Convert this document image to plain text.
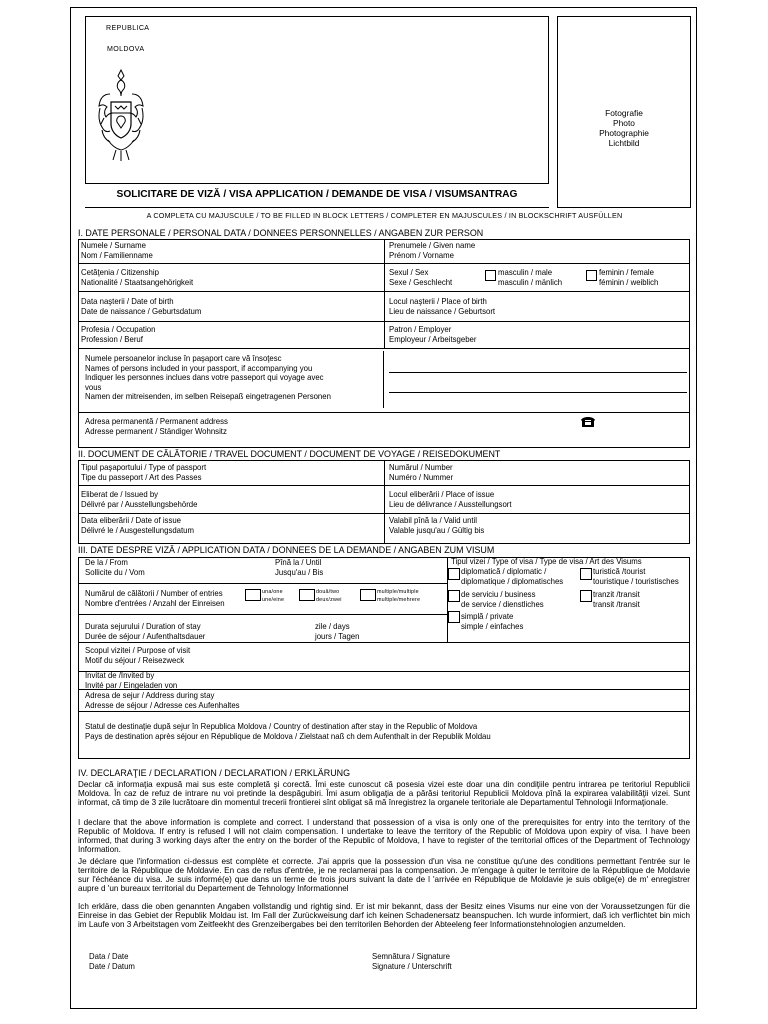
REPUBLICA
MOLDOVA
Fotografie
Photo
Photographie
Lichtbild
SOLICITARE DE VIZĂ / VISA APPLICATION / DEMANDE DE VISA / VISUMSANTRAG
A COMPLETA CU MAJUSCULE / TO BE FILLED IN BLOCK LETTERS / COMPLETER EN MAJUSCULES / IN BLOCKSCHRIFT AUSFÜLLEN
I. DATE PERSONALE / PERSONAL DATA / DONNEES PERSONNELLES / ANGABEN ZUR PERSON
Numele / Surname
Nom / Familienname
Prenumele / Given name
Prénom / Vorname
Cetăţenia / Citizenship
Nationalité / Staatsangehörigkeit
Sexul / Sex
Sexe / Geschlecht
masculin / male
masculin / mänlich
feminin / female
féminin / weiblich
Data naşterii / Date of birth
Date de naissance / Geburtsdatum
Locul naşterii / Place of birth
Lieu de naissance / Geburtsort
Profesia / Occupation
Profession / Beruf
Patron / Employer
Employeur / Arbeitsgeber
Numele persoanelor incluse în paşaport care vă însoţesc
Names of persons included in your passport, if accompanying you
Indiquer les personnes inclues dans votre passeport qui voyage avec
vous
Namen der mitreisenden, im selben Reisepaß eingetragenen Personen
Adresa permanentă / Permanent address
Adresse permanent / Ständiger Wohnsitz
II. DOCUMENT DE CĂLĂTORIE / TRAVEL DOCUMENT / DOCUMENT DE VOYAGE / REISEDOKUMENT
Tipul paşaportului / Type of passport
Tipe du passeport / Art des Passes
Numărul / Number
Numéro / Nummer
Eliberat de / Issued by
Délivré par / Ausstellungsbehörde
Locul eliberării / Place of issue
Lieu de délivrance / Ausstellungsort
Data eliberării / Date of issue
Délivré le / Ausgestellungsdatum
Valabil pînă la / Valid until
Valable jusqu'au / Gültig bis
III. DATE DESPRE VIZĂ / APPLICATION DATA / DONNEES DE LA DEMANDE / ANGABEN ZUM VISUM
De la / From
Sollicite du / Vom
Pînă la / Until
Jusqu'au / Bis
Numărul de călătorii / Number of entries
Nombre d'entrées / Anzahl der Einreisen
una/one
une/eine
două/two
deux/zwei
multiple/multiple
multiple/mehrere
Durata sejurului / Duration of stay
Durée de séjour / Aufenthaltsdauer
zile / days
jours / Tagen
Tipul vizei / Type of visa / Type de visa / Art des Visums
diplomatică / diplomatic /
diplomatique / diplomatisches
turistică /tourist
touristique / touristisches
de serviciu / business
de service / dienstliches
tranzit /transit
transit /transit
simplă / private
simple / einfaches
Scopul vizitei / Purpose of visit
Motif du séjour / Reisezweck
Invitat de /Invited by
Invité par / Eingeladen von
Adresa de sejur / Address during stay
Adresse de séjour / Adresse ces Aufenhaltes
Statul de destinaţie după sejur în Republica Moldova / Country of destination after stay in the Republic of Moldova
Pays de destination après séjour en République de Moldova / Zielstaat naß ch dem Aufenthalt in der Republik Moldau
IV. DECLARAŢIE / DECLARATION / DECLARATION / ERKLÄRUNG
Declar că informaţia expusă mai sus este completă şi corectă. Îmi este cunoscut că posesia vizei este doar una din condiţiile pentru intrarea pe teritoriul Republicii Moldova. În caz de refuz de intrare nu voi pretinde la despăgubiri. Îmi asum obligaţia de a părăsi teritoriul Republicii Moldova pînă la expirarea valabilităţii vizei. Sunt informat, că timp de 3 zile lucrătoare din momentul trecerii frontierei sînt obligat să mă înregistrez la organele teritoriale ale Departamentul Tehnologii Informaţionale.
I declare that the above information is complete and correct. I understand that possession of a visa is only one of the prerequisites for entry into the territory of the Republic of Moldova. If entry is refused I will not claim compensation. I undertake to leave the territory of the Republic of Moldova upon expiry of visa. I have been informed, that during 3 working days after the entry on the border of the Republic of Moldova, I have to register of the territorial offices of the Department of Technology Information.
Je déclare que l'information ci-dessus est complète et correcte. J'ai appris que la possession d'un visa ne constitue qu'une des conditions permettant l'entrée sur le territoire de la République de Moldavie. En cas de refus d'entrée, je ne reclamerai pas la compensation. Je m'engage à quiter le territoire de la République de Moldavie sur l'échéance du visa. Je suis informé(e) que dans un terme de trois jours suivant la date de l 'arrivée en République de Moldavie je suis oblige(e) de m' enregistrer aupre d 'un bureaux territorial du Departement de Tehnology Informationnel
Ich erkläre, dass die oben genannten Angaben vollstandig und rightig sind. Er ist mir bekannt, dass der Besitz eines Visums nur eine von der Voraussetzungen für die Einreise in das Gebiet der Republik Moldau ist. Im Fall der Zurückweisung darf ich keinen Schadenersatz beanspuchen. Ich wurde informiert, daß ich verflichtet bin mich im Laufe von 3 Arbeitstagen vom Zeitfeekht des Grenzeibergabes bei den territorilen Behorden der Abteeleng feer Informationstehnologien anzumelden.
Data / Date
Date / Datum
Semnătura / Signature
Signature / Unterschrift
